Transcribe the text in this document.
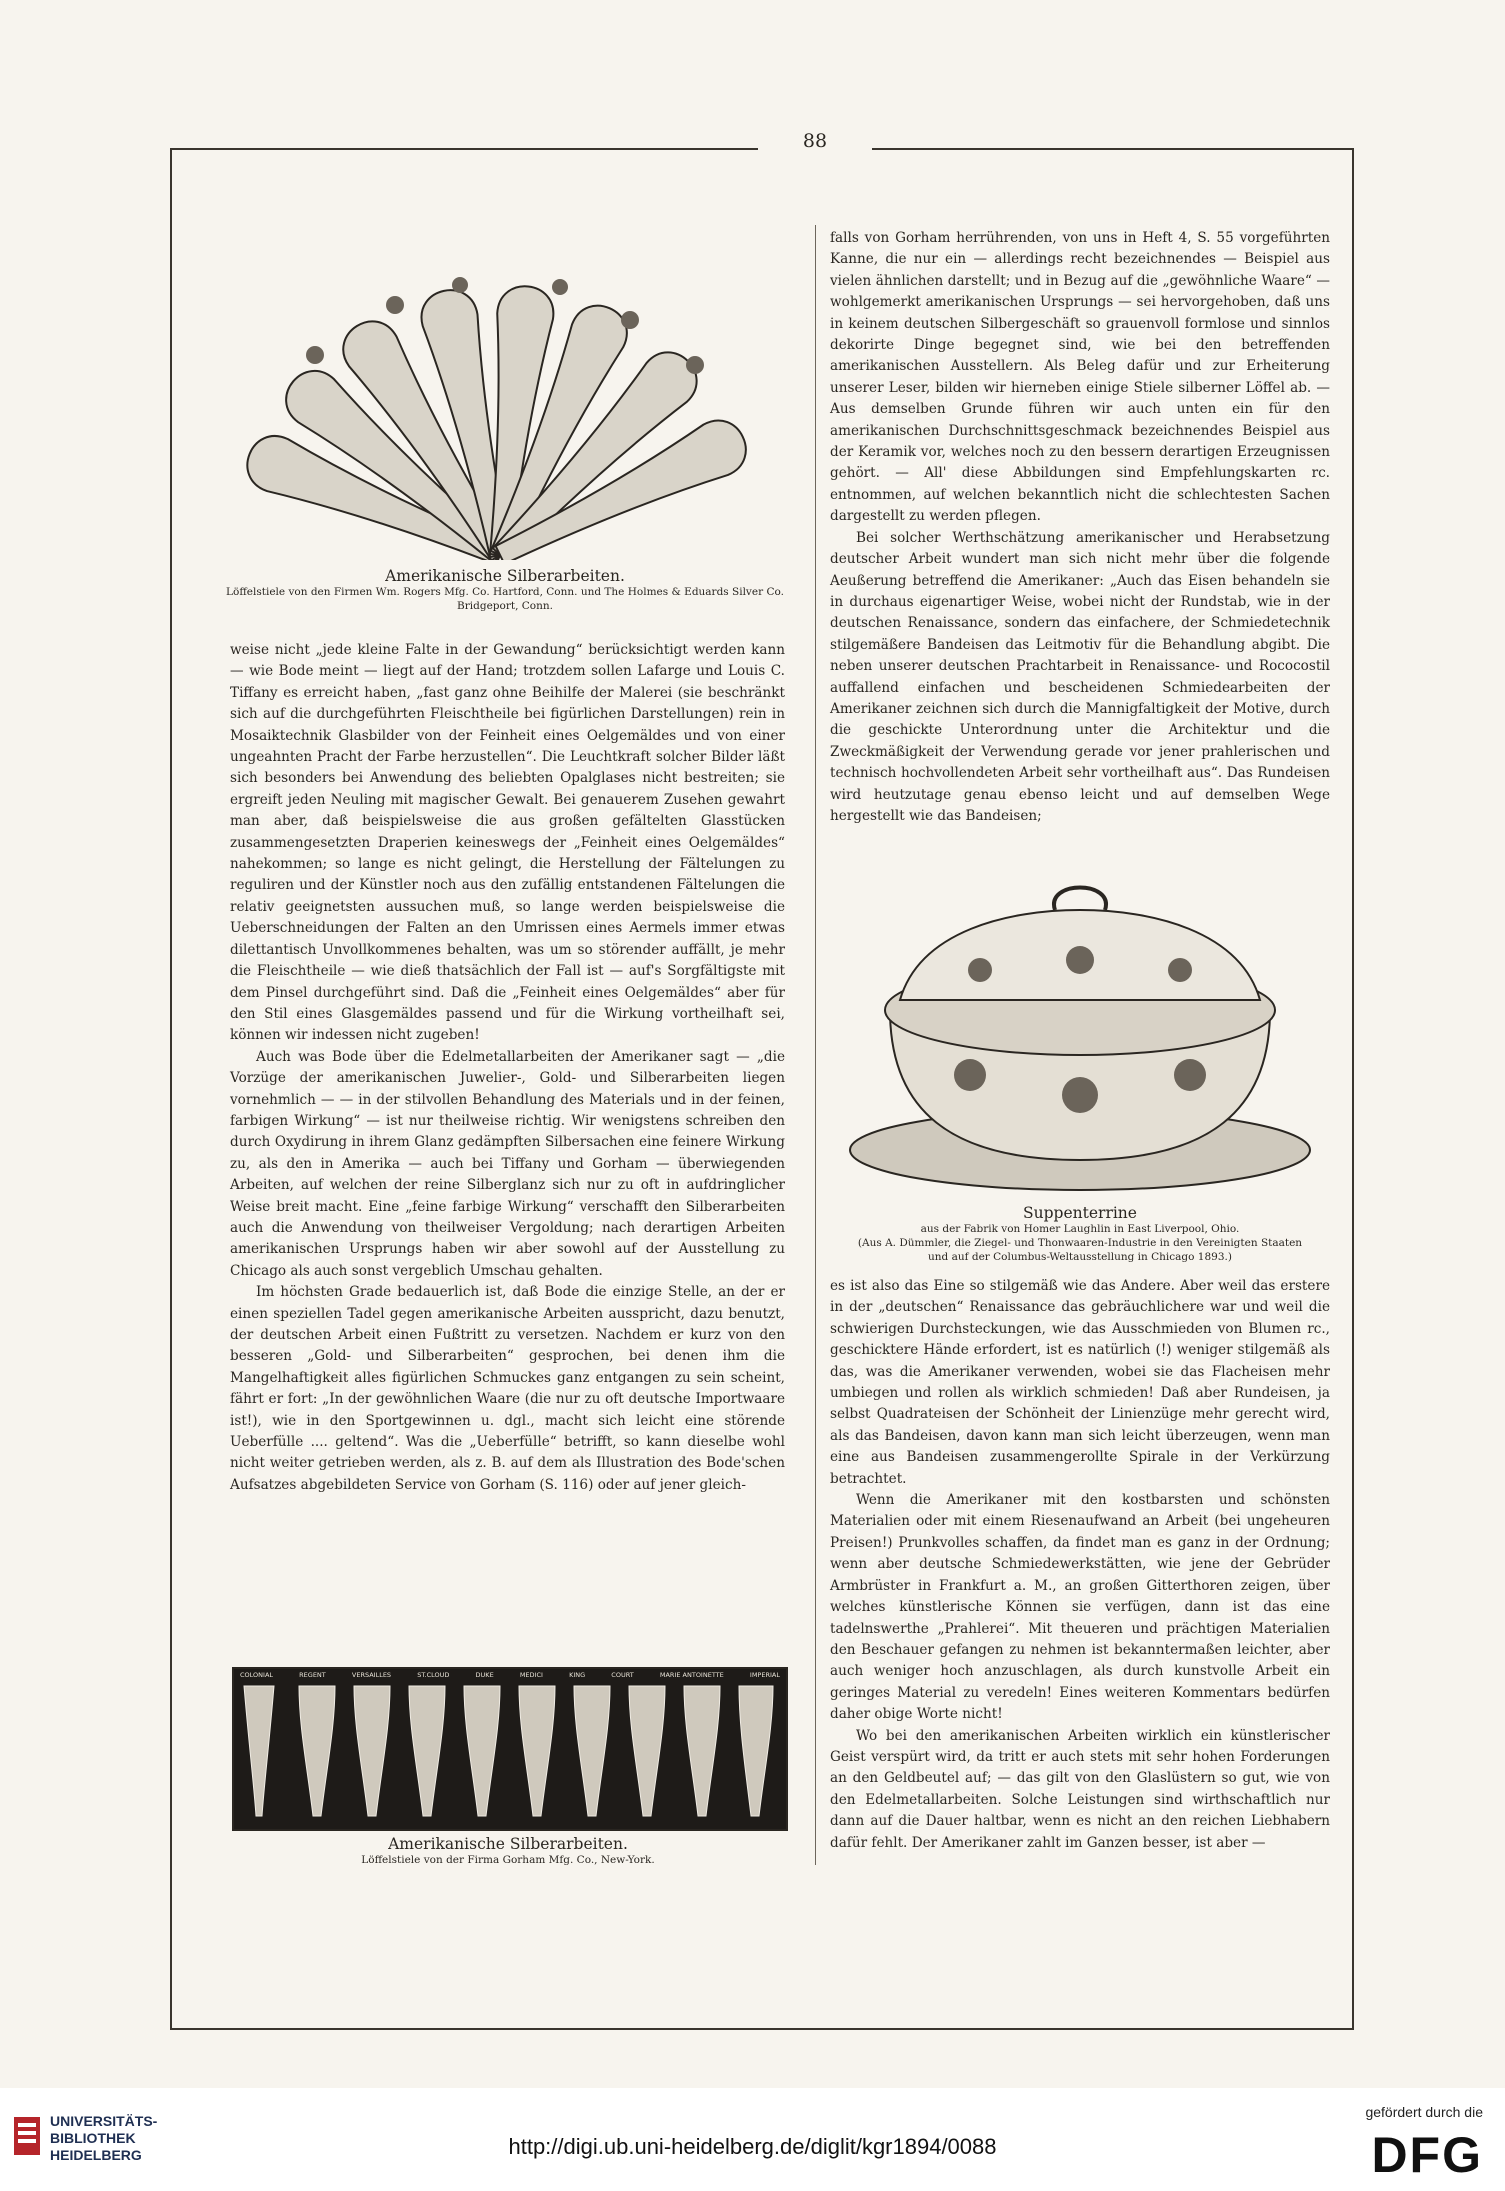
88
Amerikanische Silberarbeiten.
Löffelstiele von den Firmen Wm. Rogers Mfg. Co. Hartford, Conn. und The Holmes & Eduards Silver Co. Bridgeport, Conn.

weise nicht „jede kleine Falte in der Gewandung“ berücksichtigt werden kann — wie Bode meint — liegt auf der Hand; trotzdem sollen Lafarge und Louis C. Tiffany es erreicht haben, „fast ganz ohne Beihilfe der Malerei (sie beschränkt sich auf die durchgeführten Fleischtheile bei figürlichen Darstellungen) rein in Mosaiktechnik Glasbilder von der Feinheit eines Oelgemäldes und von einer ungeahnten Pracht der Farbe herzustellen“. Die Leuchtkraft solcher Bilder läßt sich besonders bei Anwendung des beliebten Opalglases nicht bestreiten; sie ergreift jeden Neuling mit magischer Gewalt. Bei genauerem Zusehen gewahrt man aber, daß beispielsweise die aus großen gefältelten Glasstücken zusammengesetzten Draperien keineswegs der „Feinheit eines Oelgemäldes“ nahekommen; so lange es nicht gelingt, die Herstellung der Fältelungen zu reguliren und der Künstler noch aus den zufällig entstandenen Fältelungen die relativ geeignetsten aussuchen muß, so lange werden beispielsweise die Ueberschneidungen der Falten an den Umrissen eines Aermels immer etwas dilettantisch Unvollkommenes behalten, was um so störender auffällt, je mehr die Fleischtheile — wie dieß thatsächlich der Fall ist — auf's Sorgfältigste mit dem Pinsel durchgeführt sind. Daß die „Feinheit eines Oelgemäldes“ aber für den Stil eines Glasgemäldes passend und für die Wirkung vortheilhaft sei, können wir indessen nicht zugeben!

Auch was Bode über die Edelmetallarbeiten der Amerikaner sagt — „die Vorzüge der amerikanischen Juwelier-, Gold- und Silberarbeiten liegen vornehmlich — — in der stilvollen Behandlung des Materials und in der feinen, farbigen Wirkung“ — ist nur theilweise richtig. Wir wenigstens schreiben den durch Oxydirung in ihrem Glanz gedämpften Silbersachen eine feinere Wirkung zu, als den in Amerika — auch bei Tiffany und Gorham — überwiegenden Arbeiten, auf welchen der reine Silberglanz sich nur zu oft in aufdringlicher Weise breit macht. Eine „feine farbige Wirkung“ verschafft den Silberarbeiten auch die Anwendung von theilweiser Vergoldung; nach derartigen Arbeiten amerikanischen Ursprungs haben wir aber sowohl auf der Ausstellung zu Chicago als auch sonst vergeblich Umschau gehalten.

Im höchsten Grade bedauerlich ist, daß Bode die einzige Stelle, an der er einen speziellen Tadel gegen amerikanische Arbeiten ausspricht, dazu benutzt, der deutschen Arbeit einen Fußtritt zu versetzen. Nachdem er kurz von den besseren „Gold- und Silberarbeiten“ gesprochen, bei denen ihm die Mangelhaftigkeit alles figürlichen Schmuckes ganz entgangen zu sein scheint, fährt er fort: „In der gewöhnlichen Waare (die nur zu oft deutsche Importwaare ist!), wie in den Sportgewinnen u. dgl., macht sich leicht eine störende Ueberfülle .... geltend“. Was die „Ueberfülle“ betrifft, so kann dieselbe wohl nicht weiter getrieben werden, als z. B. auf dem als Illustration des Bode'schen Aufsatzes abgebildeten Service von Gorham (S. 116) oder auf jener gleich-

COLONIAL	REGENT	VERSAILLES	ST.CLOUD	DUKE	MEDICI	KING	COURT	MARIE ANTOINETTE	IMPERIAL
Amerikanische Silberarbeiten.
Löffelstiele von der Firma Gorham Mfg. Co., New-York.

falls von Gorham herrührenden, von uns in Heft 4, S. 55 vorgeführten Kanne, die nur ein — allerdings recht bezeichnendes — Beispiel aus vielen ähnlichen darstellt; und in Bezug auf die „gewöhnliche Waare“ — wohlgemerkt amerikanischen Ursprungs — sei hervorgehoben, daß uns in keinem deutschen Silbergeschäft so grauenvoll formlose und sinnlos dekorirte Dinge begegnet sind, wie bei den betreffenden amerikanischen Ausstellern. Als Beleg dafür und zur Erheiterung unserer Leser, bilden wir hierneben einige Stiele silberner Löffel ab. — Aus demselben Grunde führen wir auch unten ein für den amerikanischen Durchschnittsgeschmack bezeichnendes Beispiel aus der Keramik vor, welches noch zu den bessern derartigen Erzeugnissen gehört. — All' diese Abbildungen sind Empfehlungskarten rc. entnommen, auf welchen bekanntlich nicht die schlechtesten Sachen dargestellt zu werden pflegen.

Bei solcher Werthschätzung amerikanischer und Herabsetzung deutscher Arbeit wundert man sich nicht mehr über die folgende Aeußerung betreffend die Amerikaner: „Auch das Eisen behandeln sie in durchaus eigenartiger Weise, wobei nicht der Rundstab, wie in der deutschen Renaissance, sondern das einfachere, der Schmiedetechnik stilgemäßere Bandeisen das Leitmotiv für die Behandlung abgibt. Die neben unserer deutschen Prachtarbeit in Renaissance- und Rococostil auffallend einfachen und bescheidenen Schmiedearbeiten der Amerikaner zeichnen sich durch die Mannigfaltigkeit der Motive, durch die geschickte Unterordnung unter die Architektur und die Zweckmäßigkeit der Verwendung gerade vor jener prahlerischen und technisch hochvollendeten Arbeit sehr vortheilhaft aus“. Das Rundeisen wird heutzutage genau ebenso leicht und auf demselben Wege hergestellt wie das Bandeisen;

Suppenterrine
aus der Fabrik von Homer Laughlin in East Liverpool, Ohio.
(Aus A. Dümmler, die Ziegel- und Thonwaaren-Industrie in den Vereinigten Staaten
und auf der Columbus-Weltausstellung in Chicago 1893.)

es ist also das Eine so stilgemäß wie das Andere. Aber weil das erstere in der „deutschen“ Renaissance das gebräuchlichere war und weil die schwierigen Durchsteckungen, wie das Ausschmieden von Blumen rc., geschicktere Hände erfordert, ist es natürlich (!) weniger stilgemäß als das, was die Amerikaner verwenden, wobei sie das Flacheisen mehr umbiegen und rollen als wirklich schmieden! Daß aber Rundeisen, ja selbst Quadrateisen der Schönheit der Linienzüge mehr gerecht wird, als das Bandeisen, davon kann man sich leicht überzeugen, wenn man eine aus Bandeisen zusammengerollte Spirale in der Verkürzung betrachtet.

Wenn die Amerikaner mit den kostbarsten und schönsten Materialien oder mit einem Riesenaufwand an Arbeit (bei ungeheuren Preisen!) Prunkvolles schaffen, da findet man es ganz in der Ordnung; wenn aber deutsche Schmiedewerkstätten, wie jene der Gebrüder Armbrüster in Frankfurt a. M., an großen Gitterthoren zeigen, über welches künstlerische Können sie verfügen, dann ist das eine tadelnswerthe „Prahlerei“. Mit theueren und prächtigen Materialien den Beschauer gefangen zu nehmen ist bekanntermaßen leichter, aber auch weniger hoch anzuschlagen, als durch kunstvolle Arbeit ein geringes Material zu veredeln! Eines weiteren Kommentars bedürfen daher obige Worte nicht!

Wo bei den amerikanischen Arbeiten wirklich ein künstlerischer Geist verspürt wird, da tritt er auch stets mit sehr hohen Forderungen an den Geldbeutel auf; — das gilt von den Glaslüstern so gut, wie von den Edelmetallarbeiten. Solche Leistungen sind wirthschaftlich nur dann auf die Dauer haltbar, wenn es nicht an den reichen Liebhabern dafür fehlt. Der Amerikaner zahlt im Ganzen besser, ist aber —

UNIVERSITÄTS-
BIBLIOTHEK
HEIDELBERG	http://digi.ub.uni-heidelberg.de/diglit/kgr1894/0088
gefördert durch die
DFG
